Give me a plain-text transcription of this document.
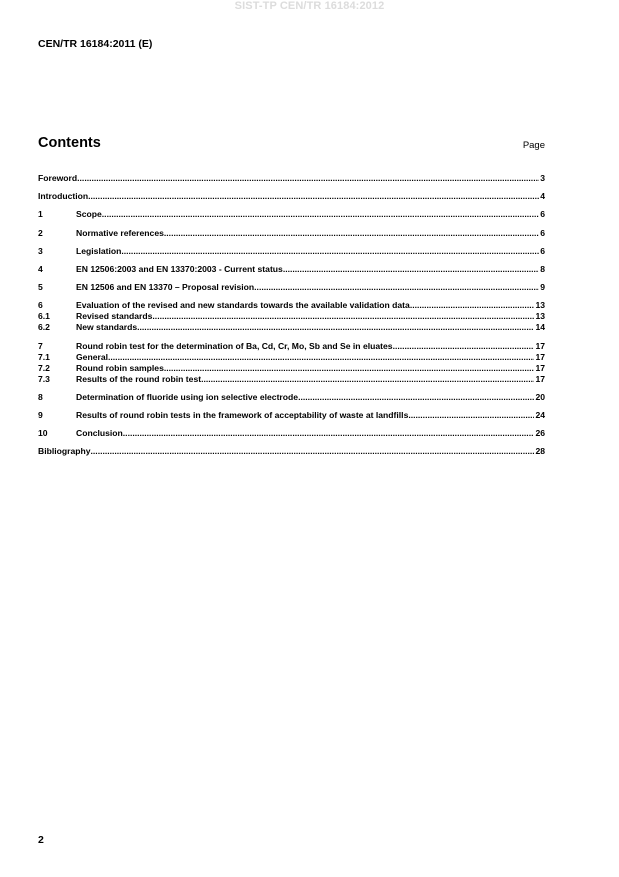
SIST-TP CEN/TR 16184:2012
CEN/TR 16184:2011 (E)
Contents	Page
Foreword .....	3
Introduction .....	4
1	Scope .....	6
2	Normative references .....	6
3	Legislation .....	6
4	EN 12506:2003 and EN 13370:2003 - Current status .....	8
5	EN 12506 and EN 13370 – Proposal revision .....	9
6	Evaluation of the revised and new standards towards the available validation data .....	13
6.1	Revised standards .....	13
6.2	New standards .....	14
7	Round robin test for the determination of Ba, Cd, Cr, Mo, Sb and Se in eluates .....	17
7.1	General .....	17
7.2	Round robin samples .....	17
7.3	Results of the round robin test .....	17
8	Determination of fluoride using ion selective electrode .....	20
9	Results of round robin tests in the framework of acceptability of waste at landfills .....	24
10	Conclusion .....	26
Bibliography .....	28
2
